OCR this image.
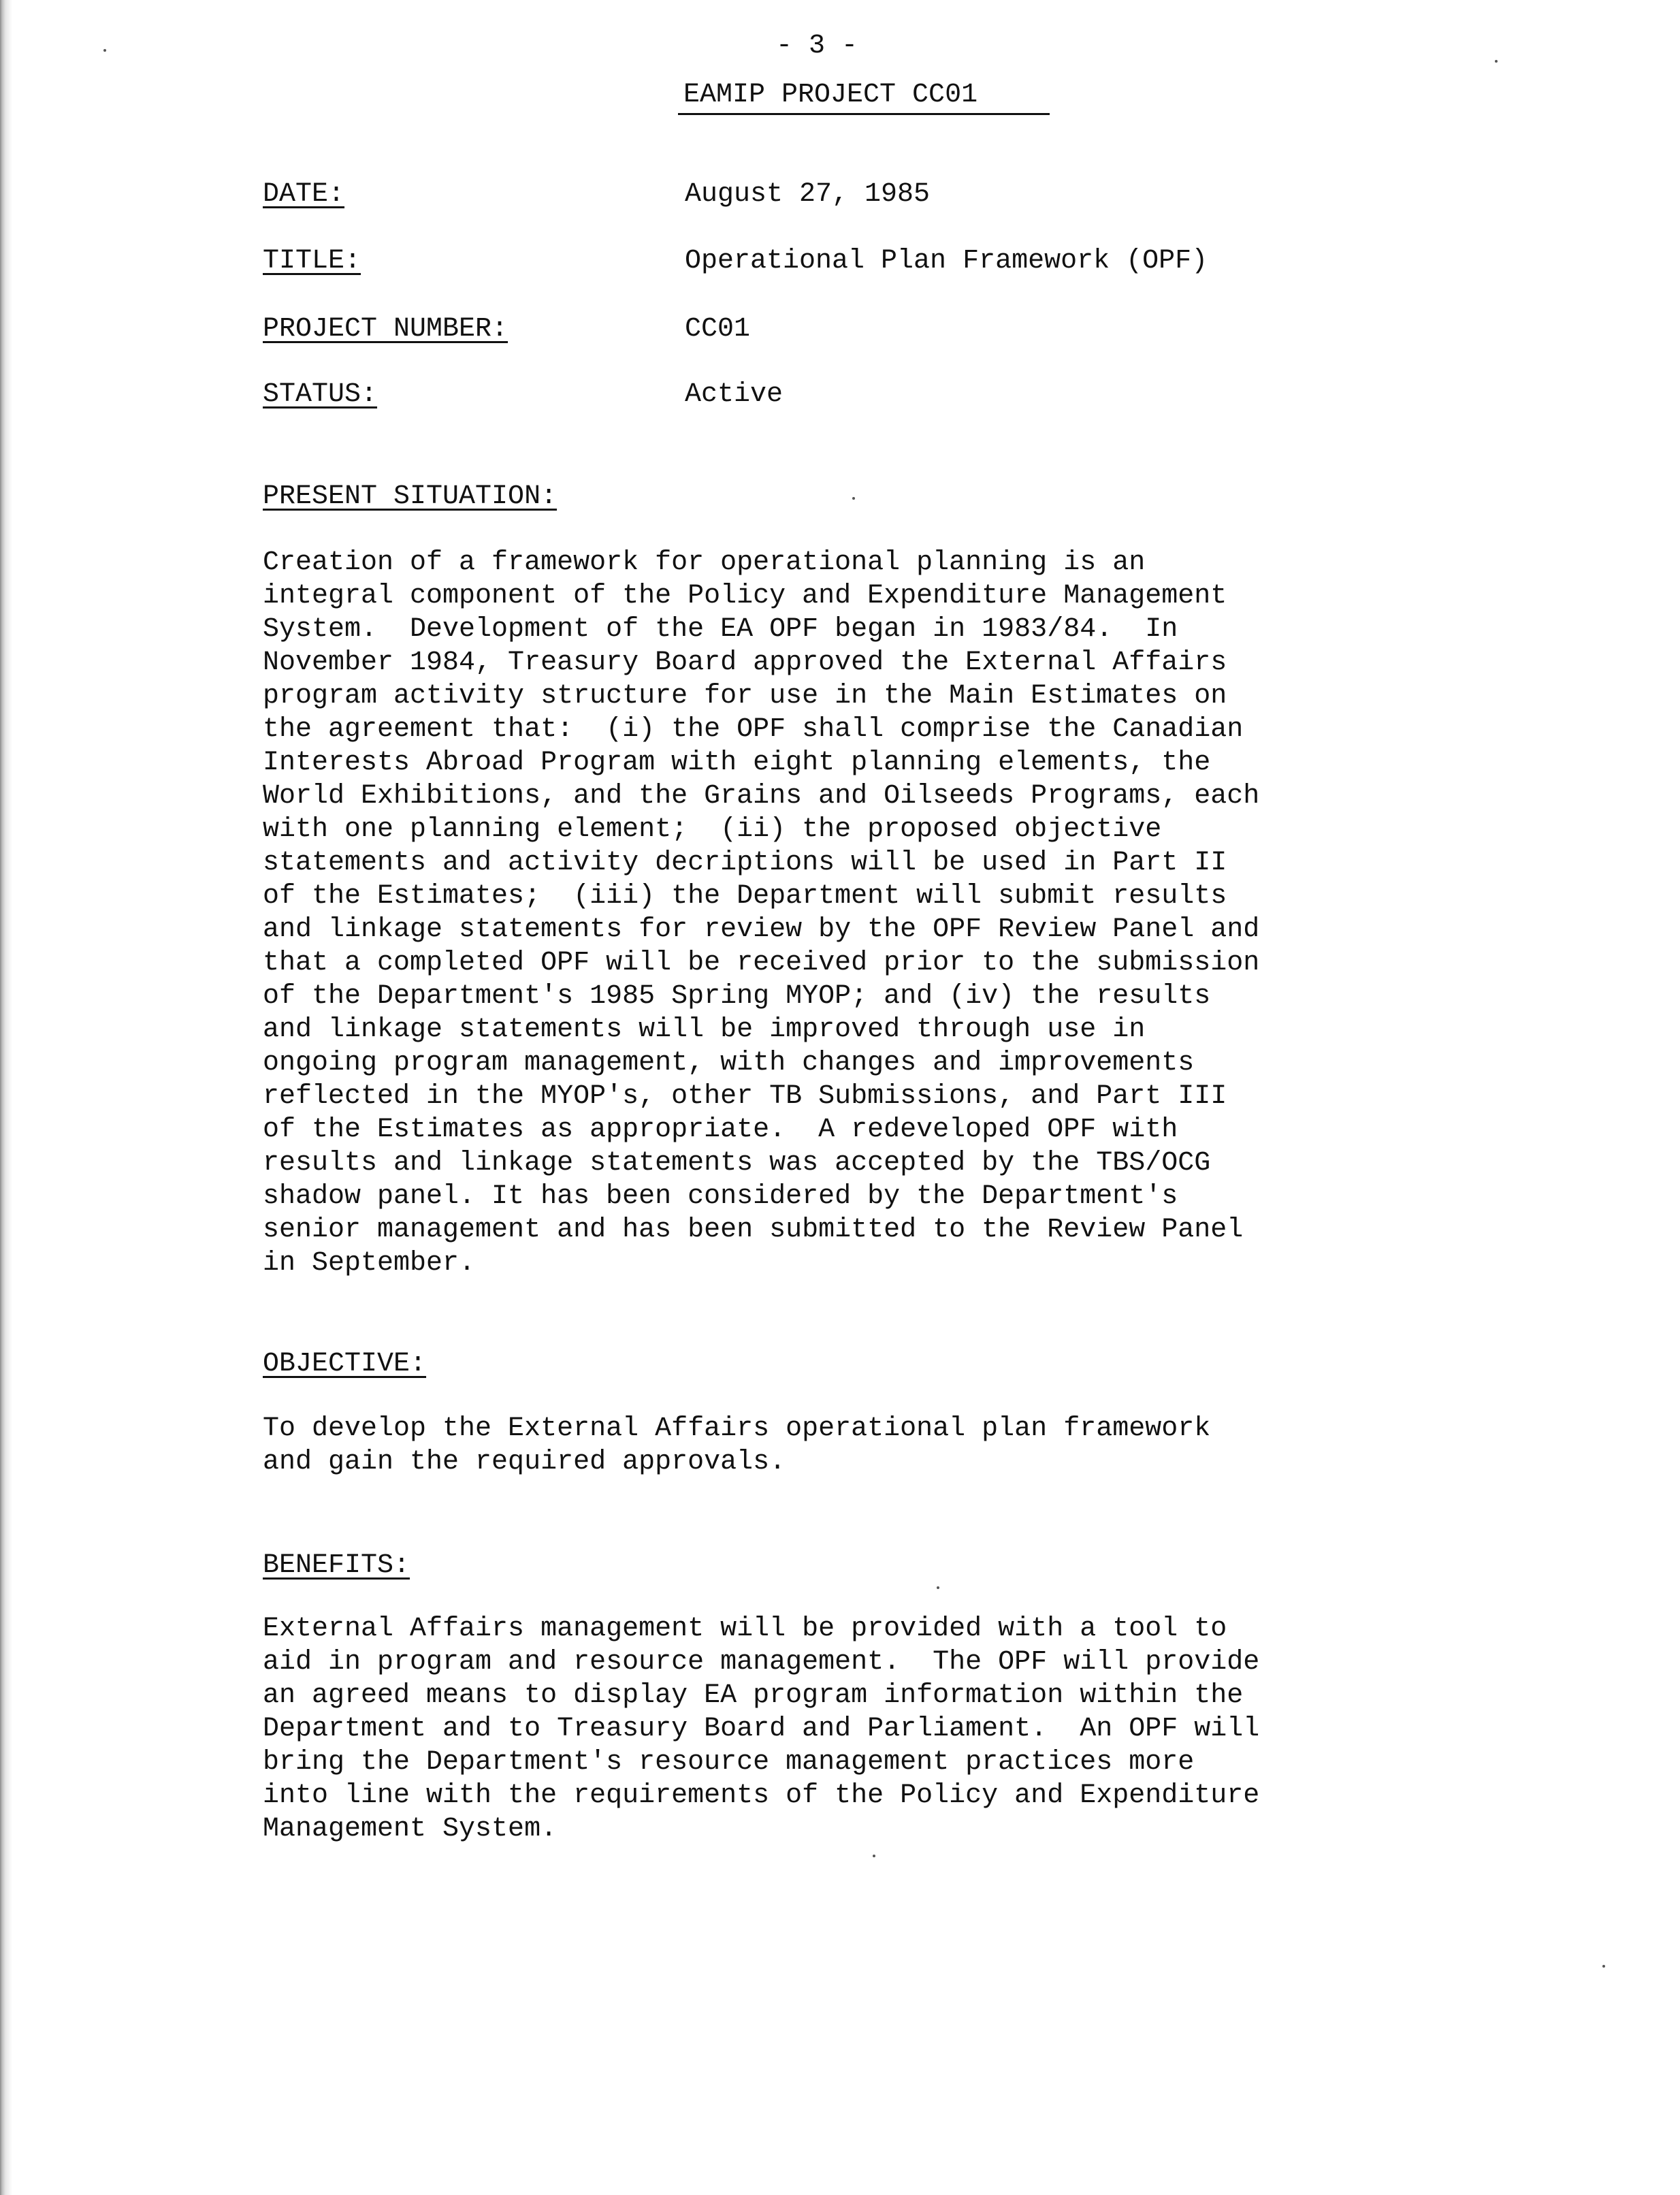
- 3 -
EAMIP PROJECT CC01
DATE:	August 27, 1985
TITLE:	Operational Plan Framework (OPF)
PROJECT NUMBER:	CC01
STATUS:	Active
PRESENT SITUATION:
Creation of a framework for operational planning is an
integral component of the Policy and Expenditure Management
System.  Development of the EA OPF began in 1983/84.  In
November 1984, Treasury Board approved the External Affairs
program activity structure for use in the Main Estimates on
the agreement that:  (i) the OPF shall comprise the Canadian
Interests Abroad Program with eight planning elements, the
World Exhibitions, and the Grains and Oilseeds Programs, each
with one planning element;  (ii) the proposed objective
statements and activity decriptions will be used in Part II
of the Estimates;  (iii) the Department will submit results
and linkage statements for review by the OPF Review Panel and
that a completed OPF will be received prior to the submission
of the Department's 1985 Spring MYOP; and (iv) the results
and linkage statements will be improved through use in
ongoing program management, with changes and improvements
reflected in the MYOP's, other TB Submissions, and Part III
of the Estimates as appropriate.  A redeveloped OPF with
results and linkage statements was accepted by the TBS/OCG
shadow panel. It has been considered by the Department's
senior management and has been submitted to the Review Panel
in September.
OBJECTIVE:
To develop the External Affairs operational plan framework
and gain the required approvals.
BENEFITS:
External Affairs management will be provided with a tool to
aid in program and resource management.  The OPF will provide
an agreed means to display EA program information within the
Department and to Treasury Board and Parliament.  An OPF will
bring the Department's resource management practices more
into line with the requirements of the Policy and Expenditure
Management System.
